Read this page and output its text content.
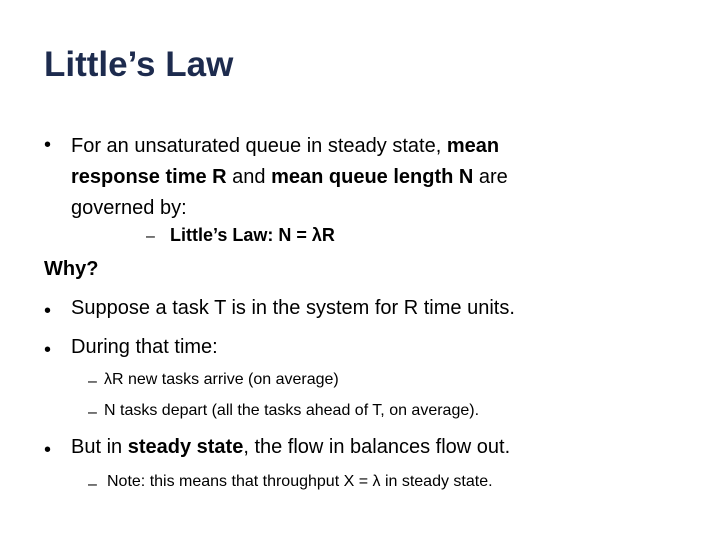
Little’s Law
• For an unsaturated queue in steady state, mean
response time R and mean queue length N are
governed by:
– Little’s Law: N = λR
Why?
• Suppose a task T is in the system for R time units.
• During that time:
– λR new tasks arrive (on average)
– N tasks depart (all the tasks ahead of T, on average).
• But in steady state, the flow in balances flow out.
– Note: this means that throughput X = λ in steady state.
